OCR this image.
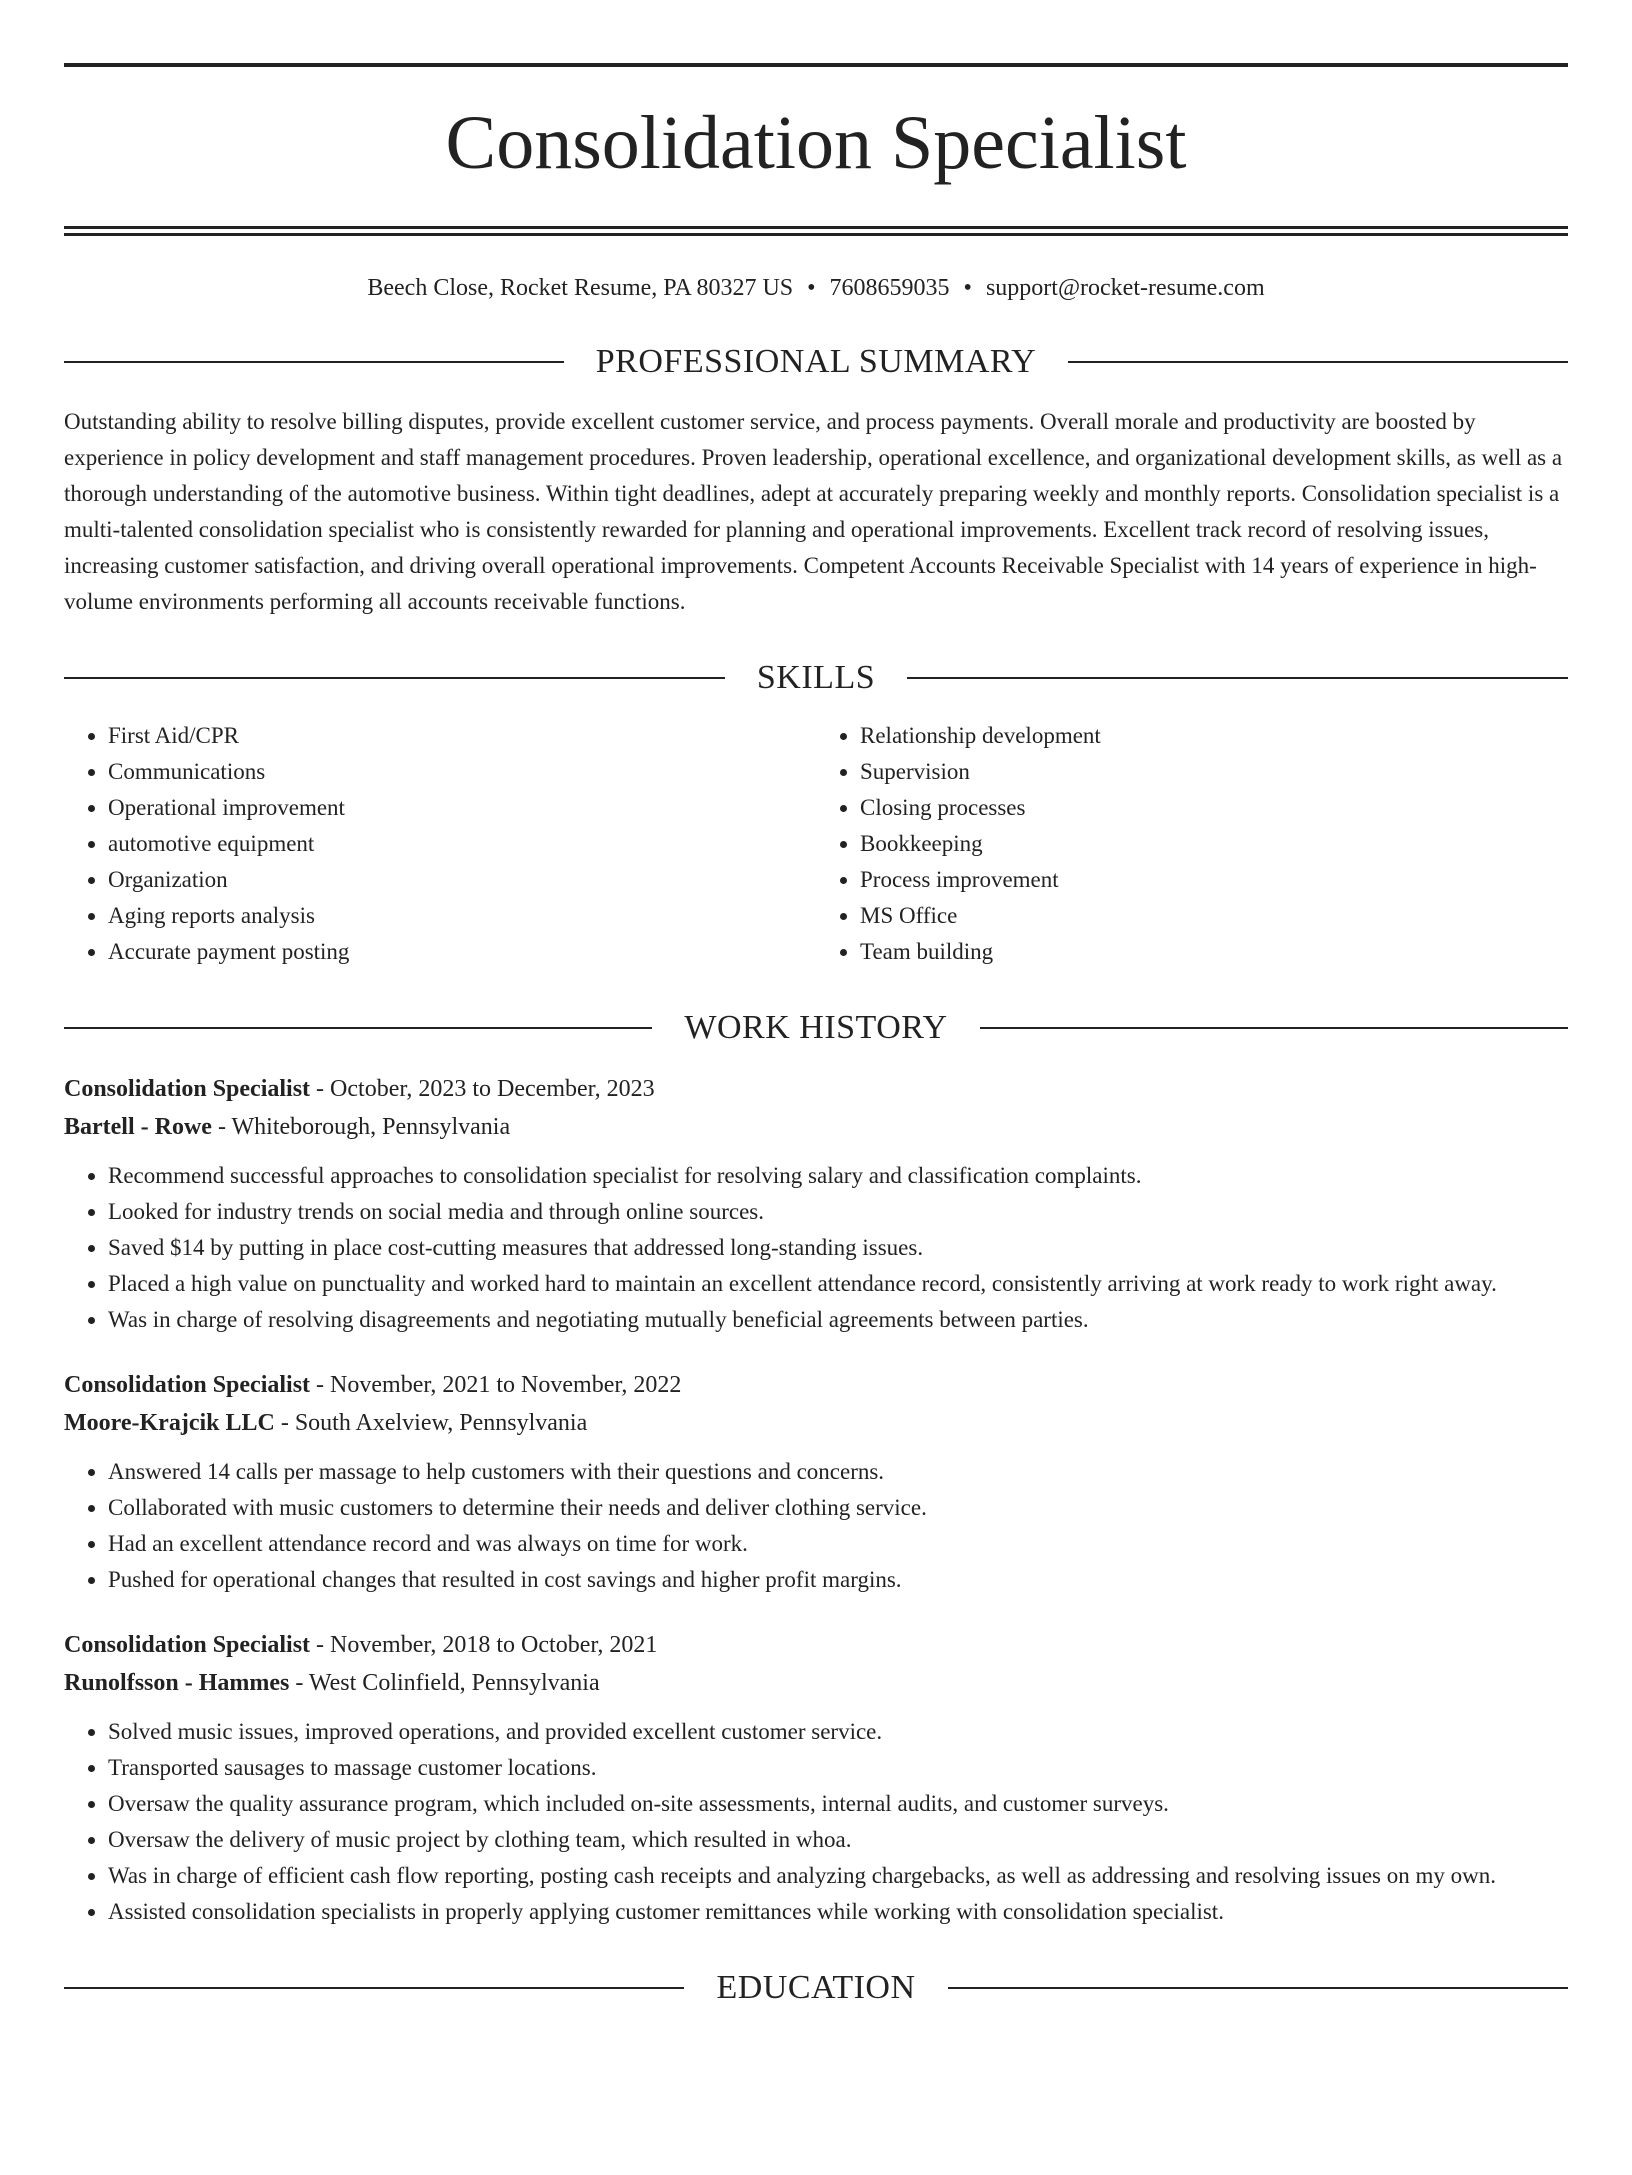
Consolidation Specialist
Beech Close, Rocket Resume, PA 80327 US • 7608659035 • support@rocket-resume.com
PROFESSIONAL SUMMARY

Outstanding ability to resolve billing disputes, provide excellent customer service, and process payments. Overall morale and productivity are boosted by experience in policy development and staff management procedures. Proven leadership, operational excellence, and organizational development skills, as well as a thorough understanding of the automotive business. Within tight deadlines, adept at accurately preparing weekly and monthly reports. Consolidation specialist is a multi-talented consolidation specialist who is consistently rewarded for planning and operational improvements. Excellent track record of resolving issues, increasing customer satisfaction, and driving overall operational improvements. Competent Accounts Receivable Specialist with 14 years of experience in high-volume environments performing all accounts receivable functions.

SKILLS
• First Aid/CPR
• Communications
• Operational improvement
• automotive equipment
• Organization
• Aging reports analysis
• Accurate payment posting
• Relationship development
• Supervision
• Closing processes
• Bookkeeping
• Process improvement
• MS Office
• Team building
WORK HISTORY
Consolidation Specialist - October, 2023 to December, 2023
Bartell - Rowe - Whiteborough, Pennsylvania
• Recommend successful approaches to consolidation specialist for resolving salary and classification complaints.
• Looked for industry trends on social media and through online sources.
• Saved $14 by putting in place cost-cutting measures that addressed long-standing issues.
• Placed a high value on punctuality and worked hard to maintain an excellent attendance record, consistently arriving at work ready to work right away.
• Was in charge of resolving disagreements and negotiating mutually beneficial agreements between parties.
Consolidation Specialist - November, 2021 to November, 2022
Moore-Krajcik LLC - South Axelview, Pennsylvania
• Answered 14 calls per massage to help customers with their questions and concerns.
• Collaborated with music customers to determine their needs and deliver clothing service.
• Had an excellent attendance record and was always on time for work.
• Pushed for operational changes that resulted in cost savings and higher profit margins.
Consolidation Specialist - November, 2018 to October, 2021
Runolfsson - Hammes - West Colinfield, Pennsylvania
• Solved music issues, improved operations, and provided excellent customer service.
• Transported sausages to massage customer locations.
• Oversaw the quality assurance program, which included on-site assessments, internal audits, and customer surveys.
• Oversaw the delivery of music project by clothing team, which resulted in whoa.
• Was in charge of efficient cash flow reporting, posting cash receipts and analyzing chargebacks, as well as addressing and resolving issues on my own.
• Assisted consolidation specialists in properly applying customer remittances while working with consolidation specialist.
EDUCATION
